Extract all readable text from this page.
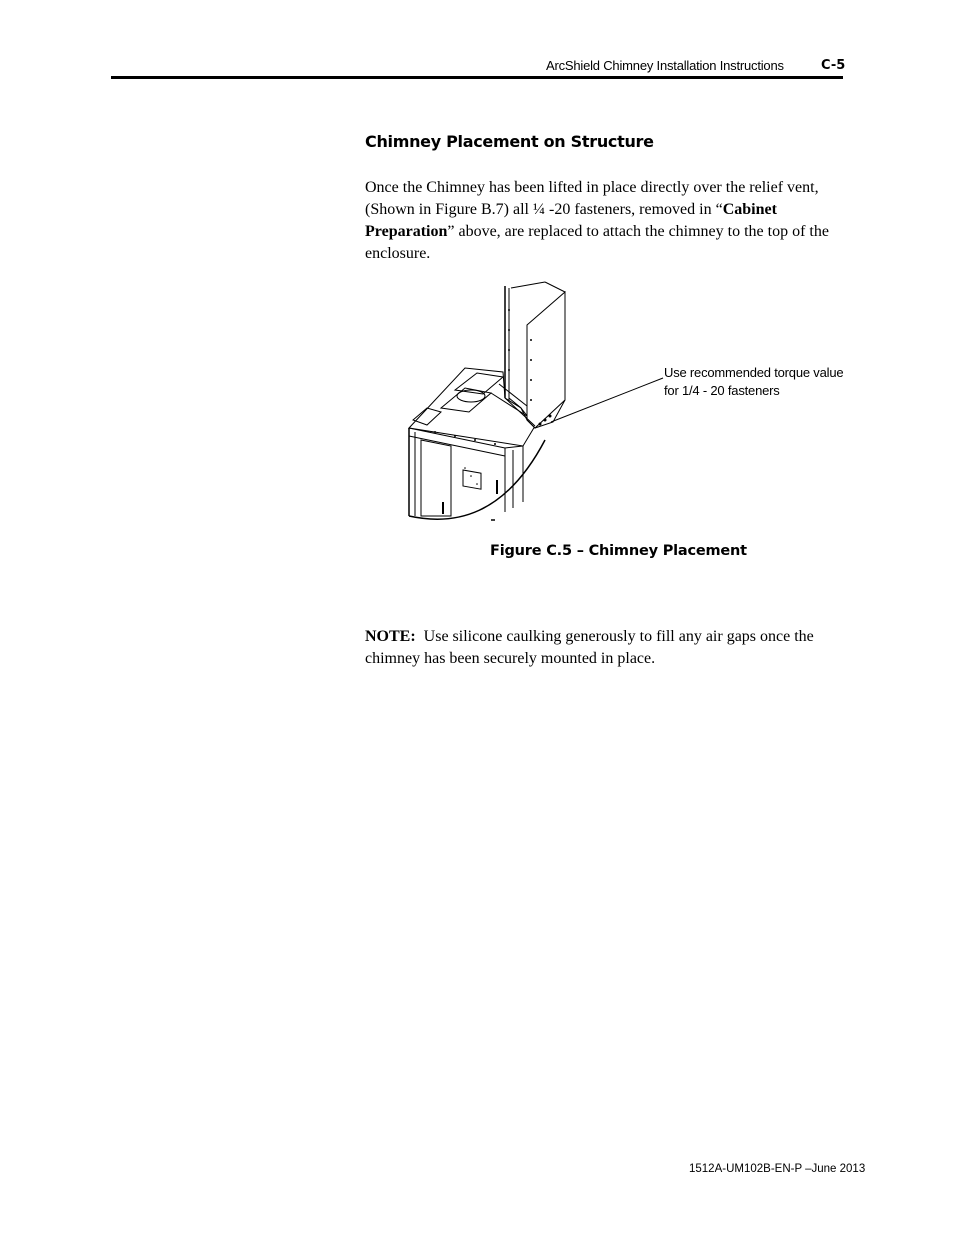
ArcShield Chimney Installation Instructions	C-5
Chimney Placement on Structure
Once the Chimney has been lifted in place directly over the relief vent, (Shown in Figure B.7) all ¼ -20 fasteners, removed in “Cabinet Preparation” above, are replaced to attach the chimney to the top of the enclosure.
Use recommended torque value
for 1/4 - 20 fasteners
Figure C.5 – Chimney Placement
NOTE: Use silicone caulking generously to fill any air gaps once the chimney has been securely mounted in place.
1512A-UM102B-EN-P –June 2013
